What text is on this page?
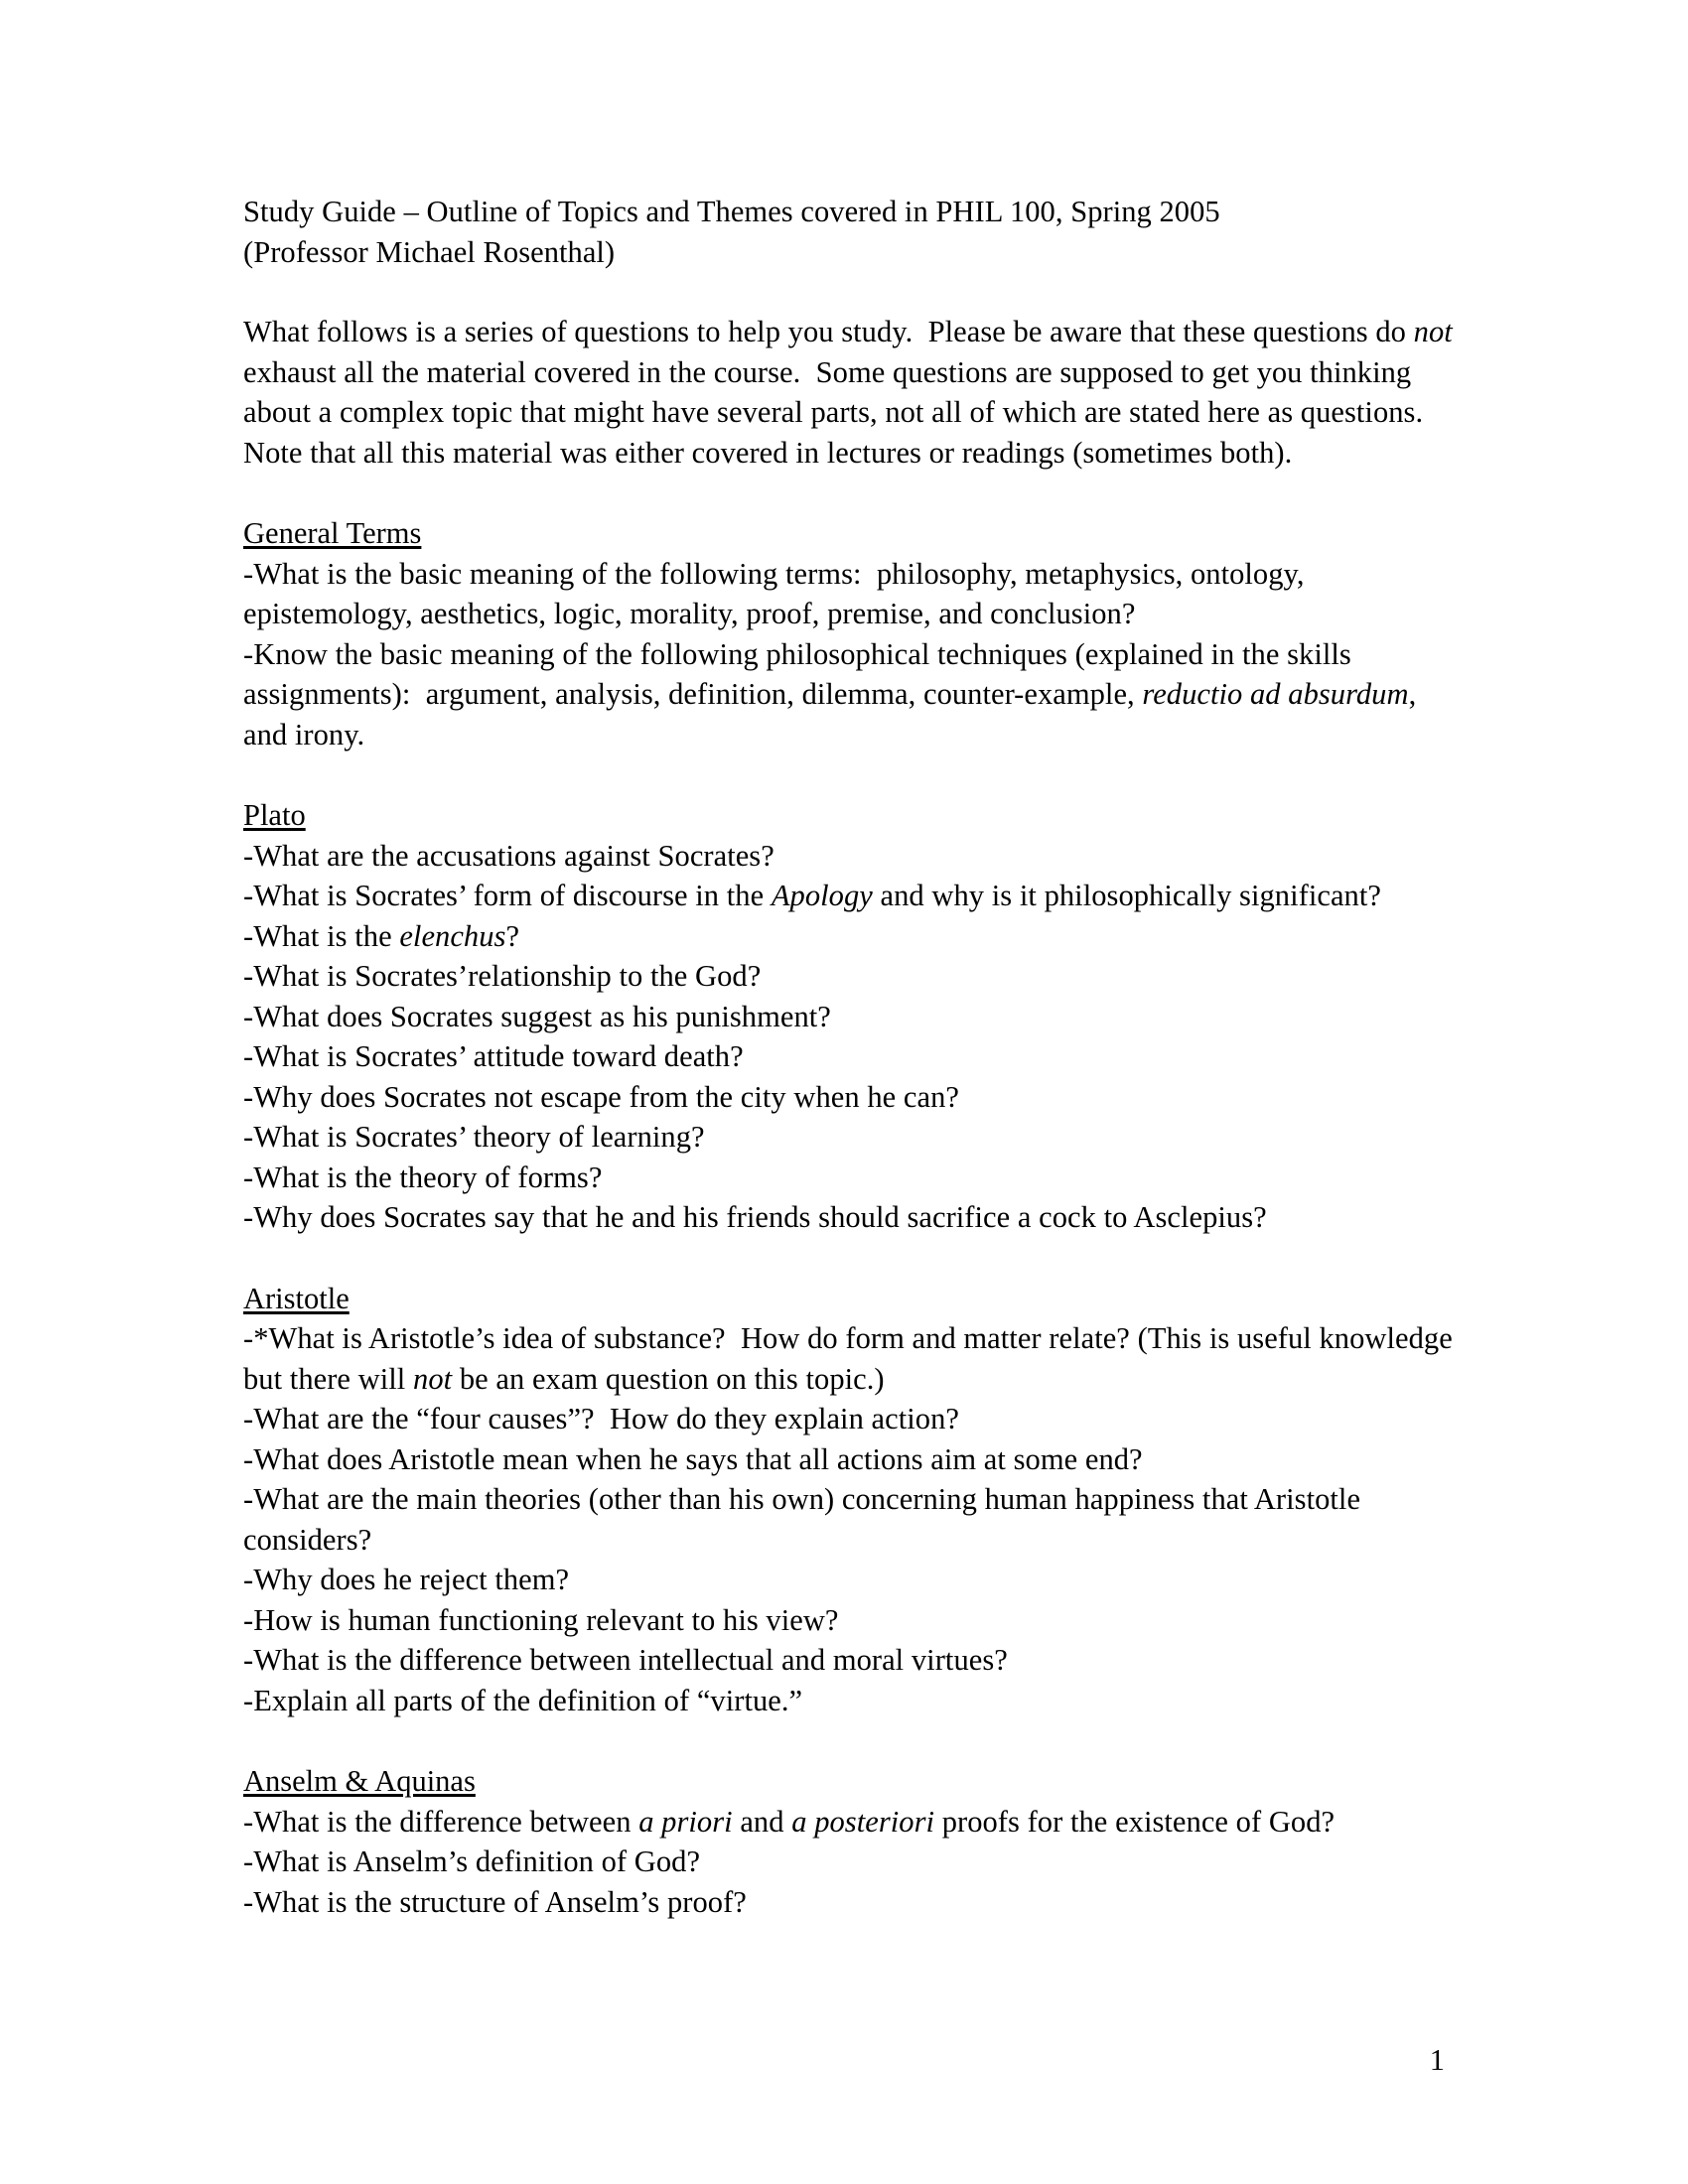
Study Guide – Outline of Topics and Themes covered in PHIL 100, Spring 2005
(Professor Michael Rosenthal)
What follows is a series of questions to help you study.  Please be aware that these questions do not exhaust all the material covered in the course.  Some questions are supposed to get you thinking about a complex topic that might have several parts, not all of which are stated here as questions.  Note that all this material was either covered in lectures or readings (sometimes both).
General Terms
-What is the basic meaning of the following terms:  philosophy, metaphysics, ontology, epistemology, aesthetics, logic, morality, proof, premise, and conclusion?
-Know the basic meaning of the following philosophical techniques (explained in the skills assignments):  argument, analysis, definition, dilemma, counter-example, reductio ad absurdum, and irony.
Plato
-What are the accusations against Socrates?
-What is Socrates’ form of discourse in the Apology and why is it philosophically significant?
-What is the elenchus?
-What is Socrates’relationship to the God?
-What does Socrates suggest as his punishment?
-What is Socrates’ attitude toward death?
-Why does Socrates not escape from the city when he can?
-What is Socrates’ theory of learning?
-What is the theory of forms?
-Why does Socrates say that he and his friends should sacrifice a cock to Asclepius?
Aristotle
-*What is Aristotle’s idea of substance?  How do form and matter relate? (This is useful knowledge but there will not be an exam question on this topic.)
-What are the “four causes”?  How do they explain action?
-What does Aristotle mean when he says that all actions aim at some end?
-What are the main theories (other than his own) concerning human happiness that Aristotle considers?
-Why does he reject them?
-How is human functioning relevant to his view?
-What is the difference between intellectual and moral virtues?
-Explain all parts of the definition of “virtue.”
Anselm & Aquinas
-What is the difference between a priori and a posteriori proofs for the existence of God?
-What is Anselm’s definition of God?
-What is the structure of Anselm’s proof?
1
